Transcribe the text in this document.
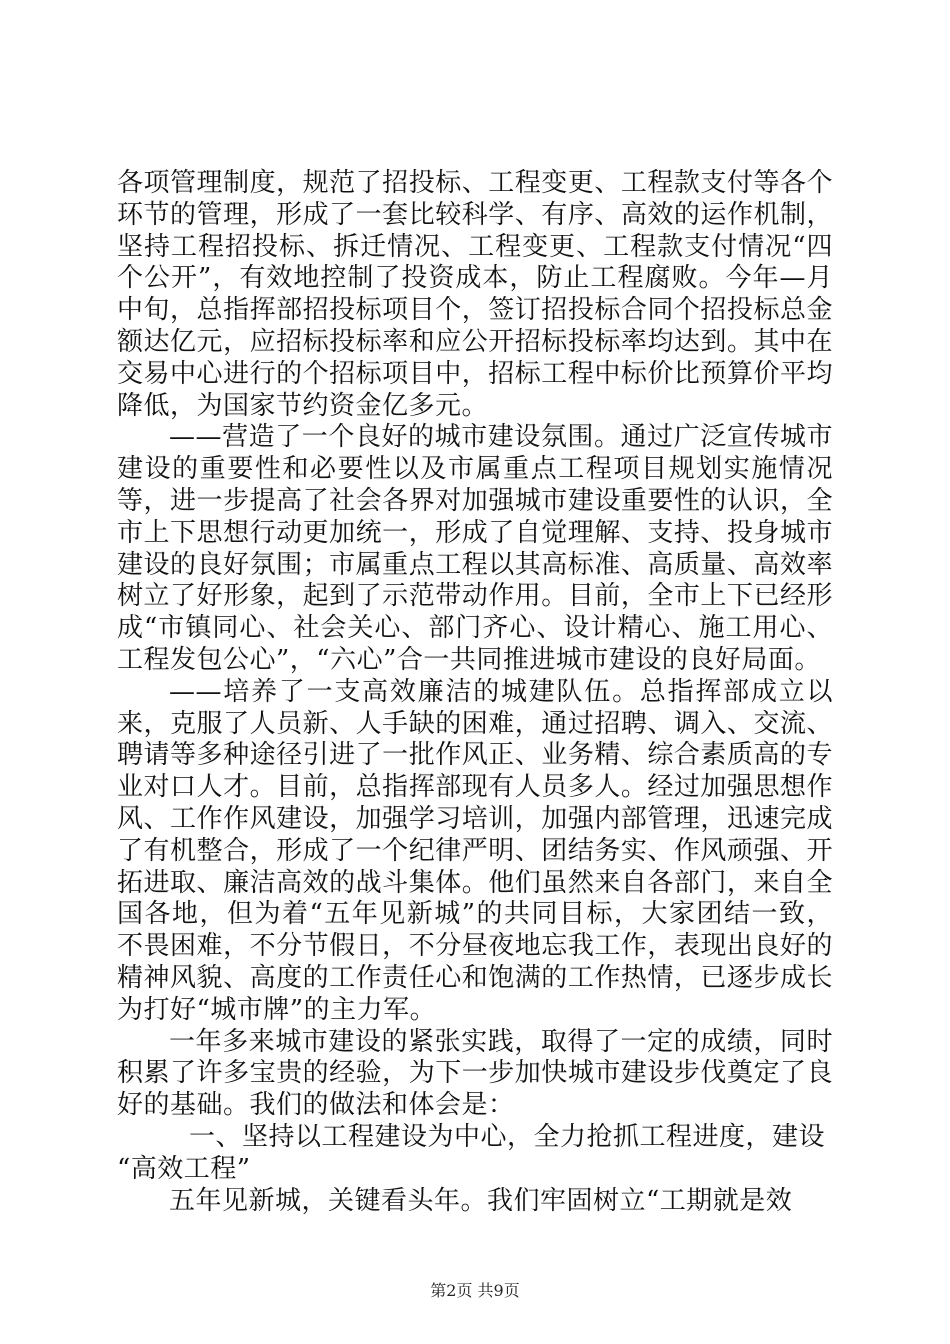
各项管理制度，规范了招投标、工程变更、工程款支付等各个环节的管理，形成了一套比较科学、有序、高效的运作机制，坚持工程招投标、拆迁情况、工程变更、工程款支付情况“四个公开”，有效地控制了投资成本，防止工程腐败。今年—月中旬，总指挥部招投标项目个，签订招投标合同个招投标总金额达亿元，应招标投标率和应公开招标投标率均达到。其中在交易中心进行的个招标项目中，招标工程中标价比预算价平均降低，为国家节约资金亿多元。

——营造了一个良好的城市建设氛围。通过广泛宣传城市建设的重要性和必要性以及市属重点工程项目规划实施情况等，进一步提高了社会各界对加强城市建设重要性的认识，全市上下思想行动更加统一，形成了自觉理解、支持、投身城市建设的良好氛围；市属重点工程以其高标准、高质量、高效率树立了好形象，起到了示范带动作用。目前，全市上下已经形成“市镇同心、社会关心、部门齐心、设计精心、施工用心、工程发包公心”，“六心”合一共同推进城市建设的良好局面。

——培养了一支高效廉洁的城建队伍。总指挥部成立以来，克服了人员新、人手缺的困难，通过招聘、调入、交流、聘请等多种途径引进了一批作风正、业务精、综合素质高的专业对口人才。目前，总指挥部现有人员多人。经过加强思想作风、工作作风建设，加强学习培训，加强内部管理，迅速完成了有机整合，形成了一个纪律严明、团结务实、作风顽强、开拓进取、廉洁高效的战斗集体。他们虽然来自各部门，来自全国各地，但为着“五年见新城”的共同目标，大家团结一致，不畏困难，不分节假日，不分昼夜地忘我工作，表现出良好的精神风貌、高度的工作责任心和饱满的工作热情，已逐步成长为打好“城市牌”的主力军。

一年多来城市建设的紧张实践，取得了一定的成绩，同时积累了许多宝贵的经验，为下一步加快城市建设步伐奠定了良好的基础。我们的做法和体会是：

一、坚持以工程建设为中心，全力抢抓工程进度，建设

“高效工程”

五年见新城，关键看头年。我们牢固树立“工期就是效

第2页 共9页
